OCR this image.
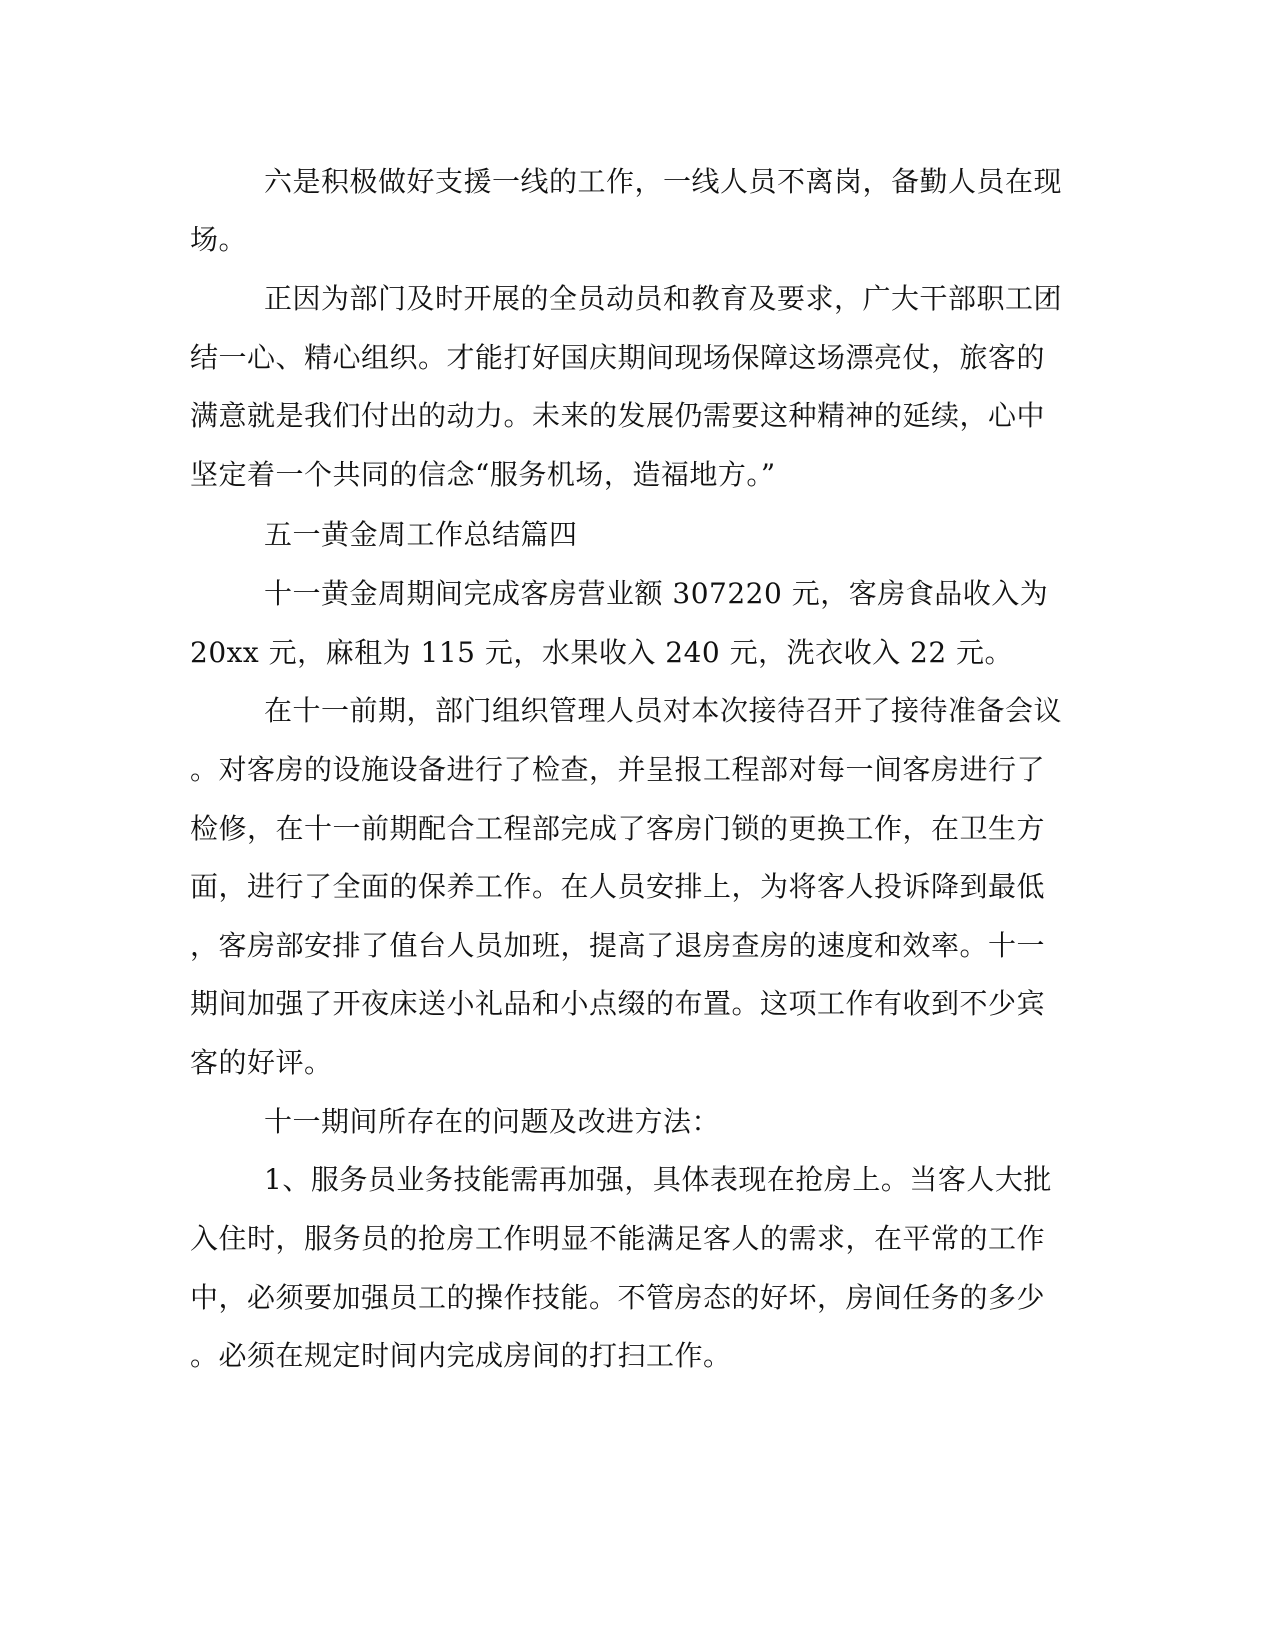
六是积极做好支援一线的工作，一线人员不离岗，备勤人员在现
场。
正因为部门及时开展的全员动员和教育及要求，广大干部职工团
结一心、精心组织。才能打好国庆期间现场保障这场漂亮仗，旅客的
满意就是我们付出的动力。未来的发展仍需要这种精神的延续，心中
坚定着一个共同的信念“服务机场，造福地方。”
五一黄金周工作总结篇四
十一黄金周期间完成客房营业额 307220 元，客房食品收入为
20xx 元，麻租为 115 元，水果收入 240 元，洗衣收入 22 元。
在十一前期，部门组织管理人员对本次接待召开了接待准备会议
。对客房的设施设备进行了检查，并呈报工程部对每一间客房进行了
检修，在十一前期配合工程部完成了客房门锁的更换工作，在卫生方
面，进行了全面的保养工作。在人员安排上，为将客人投诉降到最低
，客房部安排了值台人员加班，提高了退房查房的速度和效率。十一
期间加强了开夜床送小礼品和小点缀的布置。这项工作有收到不少宾
客的好评。
十一期间所存在的问题及改进方法：
1、服务员业务技能需再加强，具体表现在抢房上。当客人大批
入住时，服务员的抢房工作明显不能满足客人的需求，在平常的工作
中，必须要加强员工的操作技能。不管房态的好坏，房间任务的多少
。必须在规定时间内完成房间的打扫工作。
